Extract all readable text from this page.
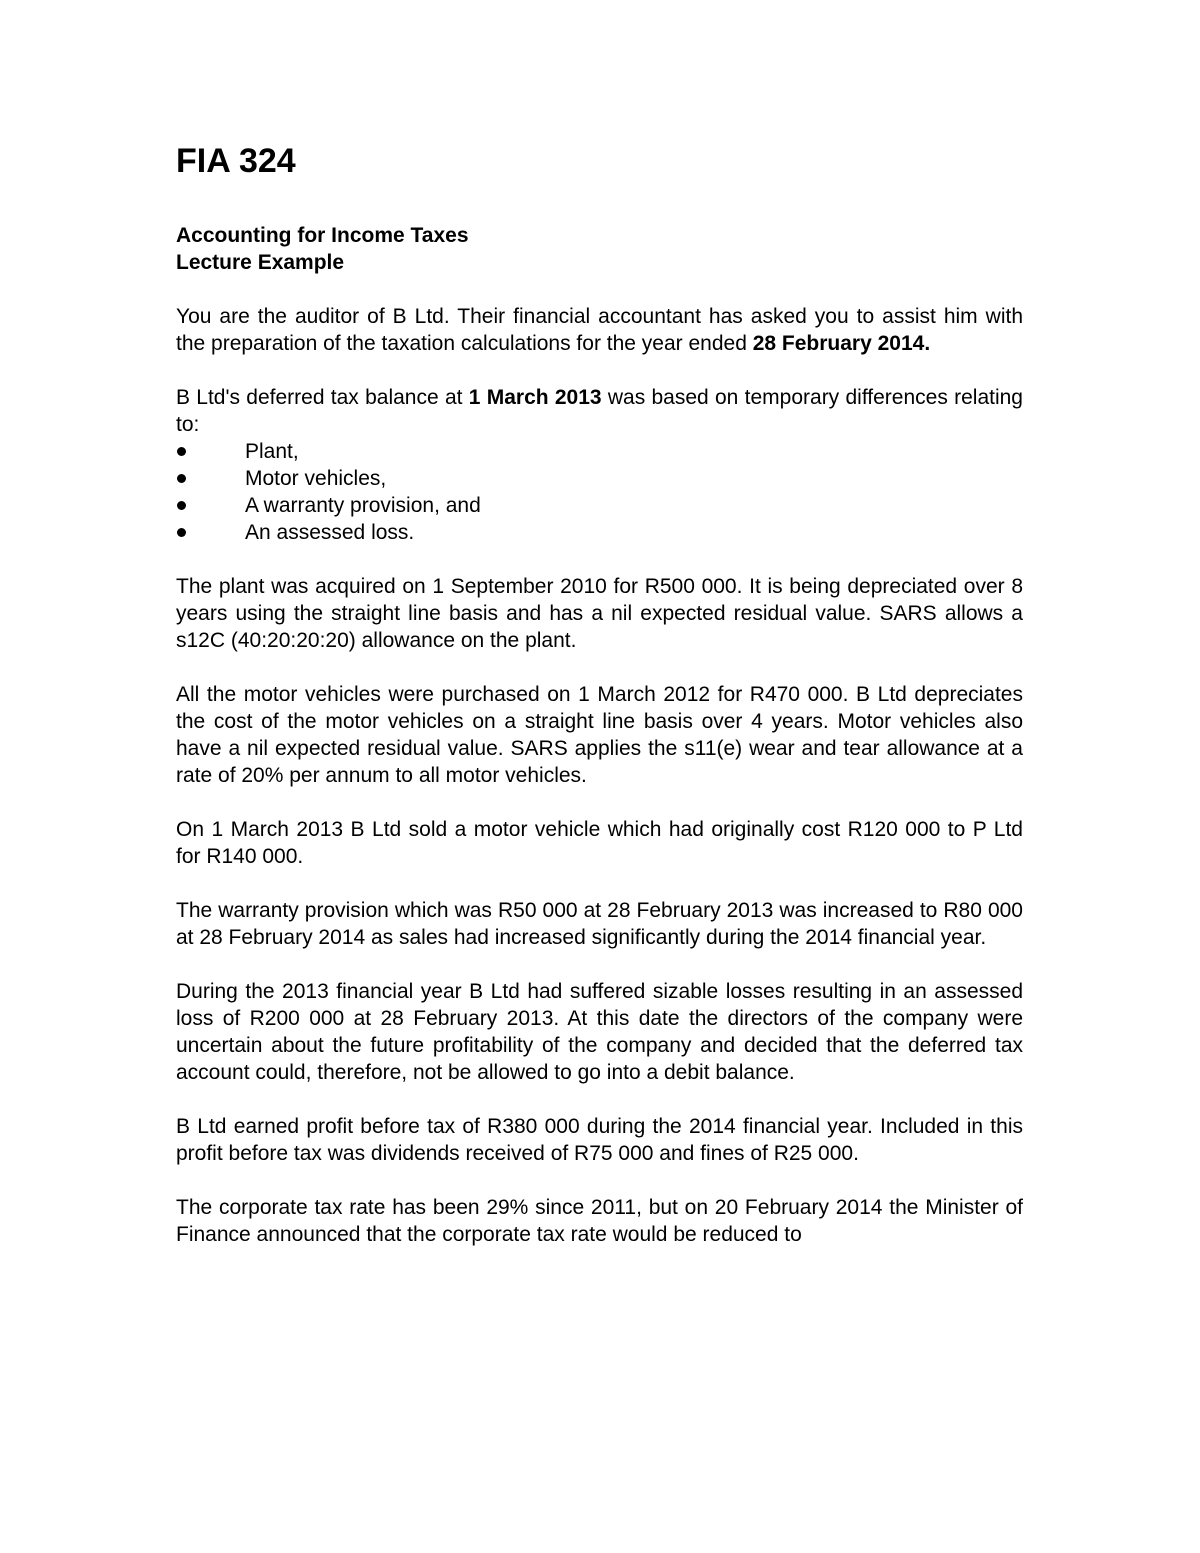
FIA 324
Accounting for Income Taxes
Lecture Example

You are the auditor of B Ltd. Their financial accountant has asked you to assist him with the preparation of the taxation calculations for the year ended 28 February 2014.

B Ltd's deferred tax balance at 1 March 2013 was based on temporary differences relating to:

Plant,
Motor vehicles,
A warranty provision, and
An assessed loss.

The plant was acquired on 1 September 2010 for R500 000. It is being depreciated over 8 years using the straight line basis and has a nil expected residual value. SARS allows a s12C (40:20:20:20) allowance on the plant.

All the motor vehicles were purchased on 1 March 2012 for R470 000. B Ltd depreciates the cost of the motor vehicles on a straight line basis over 4 years. Motor vehicles also have a nil expected residual value. SARS applies the s11(e) wear and tear allowance at a rate of 20% per annum to all motor vehicles.

On 1 March 2013 B Ltd sold a motor vehicle which had originally cost R120 000 to P Ltd for R140 000.

The warranty provision which was R50 000 at 28 February 2013 was increased to R80 000 at 28 February 2014 as sales had increased significantly during the 2014 financial year.

During the 2013 financial year B Ltd had suffered sizable losses resulting in an assessed loss of R200 000 at 28 February 2013. At this date the directors of the company were uncertain about the future profitability of the company and decided that the deferred tax account could, therefore, not be allowed to go into a debit balance.

B Ltd earned profit before tax of R380 000 during the 2014 financial year. Included in this profit before tax was dividends received of R75 000 and fines of R25 000.

The corporate tax rate has been 29% since 2011, but on 20 February 2014 the Minister of Finance announced that the corporate tax rate would be reduced to
